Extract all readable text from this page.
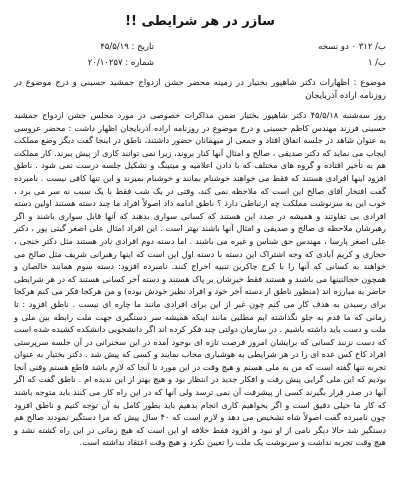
سازر در هر شرایطی !!
ب/ ۳۱۲ ۰ دو نسخه
ب/ ۱
تاریخ : ۴۵/۵/۱۹
شماره : ۲۰/۱۰۲۵۷
موضوع : اظهارات دکتر شاهپور بختیار در زمینه محضر جشن ازدواج جمشید حسینی و درج موضوع در روزنامه اراده آذربایجان

روز سه‌شنبه ۴۵/۵/۱۸ دکتر شاهپور بختیار ضمن مذاکرات خصوصی در مورد مجلس جشن ازدواج جمشید حسینی فرزند مهندس کاظم حسینی و درج موضوع در روزنامه اراده آذربایجان اظهار داشت : محضر عروسی به عنوان شاهد در جلسه اتفاق افتاد و جمعی از میهمانان حضور داشتند، ناطق در اینجا گفت دیگر وضع مملکت ایجاب می نماید که دکتر صدیقی ، صالح و امثال آنها کنار بروند، زیرا نمی توانند کاری از پیش ببرند. کار مملکت هم به تأخیر افتاده و گروه های مختلف که با دادن اعلامیه و میتینگ و تشکیل جلسه درست نمی شود . ناطق افزود اینها افرادی هستند که فقط می خواهند خوشنام بمانند و خوشنام بمیرند و این تنها کافی نیست . نامبرده گفت افتخار آقای صالح این است که ملاحظه نمی کند، وقتی در یک شب فقط با یک سبب نه سر می برد ، خوب این به سرنوشت مملکت چه ارتباطی دارد ؟ ناطق ادامه داد اصولاً افراد ما چند دسته هستند اولین دسته افرادی بی تفاوتند و همیشه در صدد این هستند که کسانی سواری بدهند که آنها قابل سواری باشند و اگر رهبرشان ملاحظه ی صالح و صدیقی و امثال آنها باشند بهتر است . این افراد امثال علی اصغر گیتی پور ، دکتر علی اصغر پارسا ، مهندس حق شناس و غیره می باشند . اما دسته دوم افرادی نادر هستند مثل دکتر خنجی ، حجازی و کریم آبادی که وجه اشتراک این دسته با دسته اول این است که اینها رهبرانی شریف مثل صالح می خواهند به کسانی که آنها را با کرج چاکرین تنبیه اخراج کنند. نامبرده افزود: دسته سوم همانند خالصان و همچون خجالتینها می باشند و هستند فقط خیرشان بر پاک هستند و دسته آخر کسانی هستند که در هر شرایطی حاضر به مبارزه اند (منظور ناطق از دسته آخر خود و افراد نظیر خودش بوده) و من هرکجا فکر می کنم هرکجا برای رسیدن به هدف کار می کنم چون غیر از این برای افرادی مانند ما چاره ای نیست . ناطق افزود : تا زمانی که ما قدم به جلو نگذاشته ایم مطلبی مانند اینکه همیشه سر دستگیری جهت ملت رابطه بین ملی و ملت و دست باید داشته باشیم . در سازمان دولتی چند فکر کرده اند اگر دانشجویی دانشکده کشیده شده است که دست نزنند کسانی که برایشان امروز فرصت تازه ای بوجود آمده در این سخنرانی در آن جلسه سرپرستی افراد کاخ کس عده ای را در هر شرایطی به هوشیاری مجاب نمایند و کسی که پیش شد . دکتر بختیار به عنوان تجربه تنها گفته است که من به ملی هستم و هیچ وقت در این مورد تا آنجا که لازم باشد قاطع هستم وقتی آنجا بودیم که این ملی گرایی پیش رفت و افکار جدید در انتظار بود و هیچ بهتر از این ندیده ام . ناطق گفت که اگر آنها در صدر قرار بگیرند کسی از پیشرفت آن نمی ترسد ولی آنها که در این راه کار می کنند باید متوجه باشند که کار ما خیلی دقیق است و اگر بخواهیم کاری انجام بدهیم باید بطور کامل به آن توجه کنیم و ناطق افزود چون نامبرده گفت اصولاً شاه تشخیص می دهد و لازم است که ۴۰ سال پیش که مرا دستگیر نمودند صالح هم دستگیر شد حالا دیگر نامی از او نبود و افزود فقط خلافه او این است که هیچ زمانی در این راه کشته نشد و هیچ وقت تجربه نداشت و سرنوشت یک ملت را تعیین نکرد و هیچ وقت اعتقاد نداشته است.
